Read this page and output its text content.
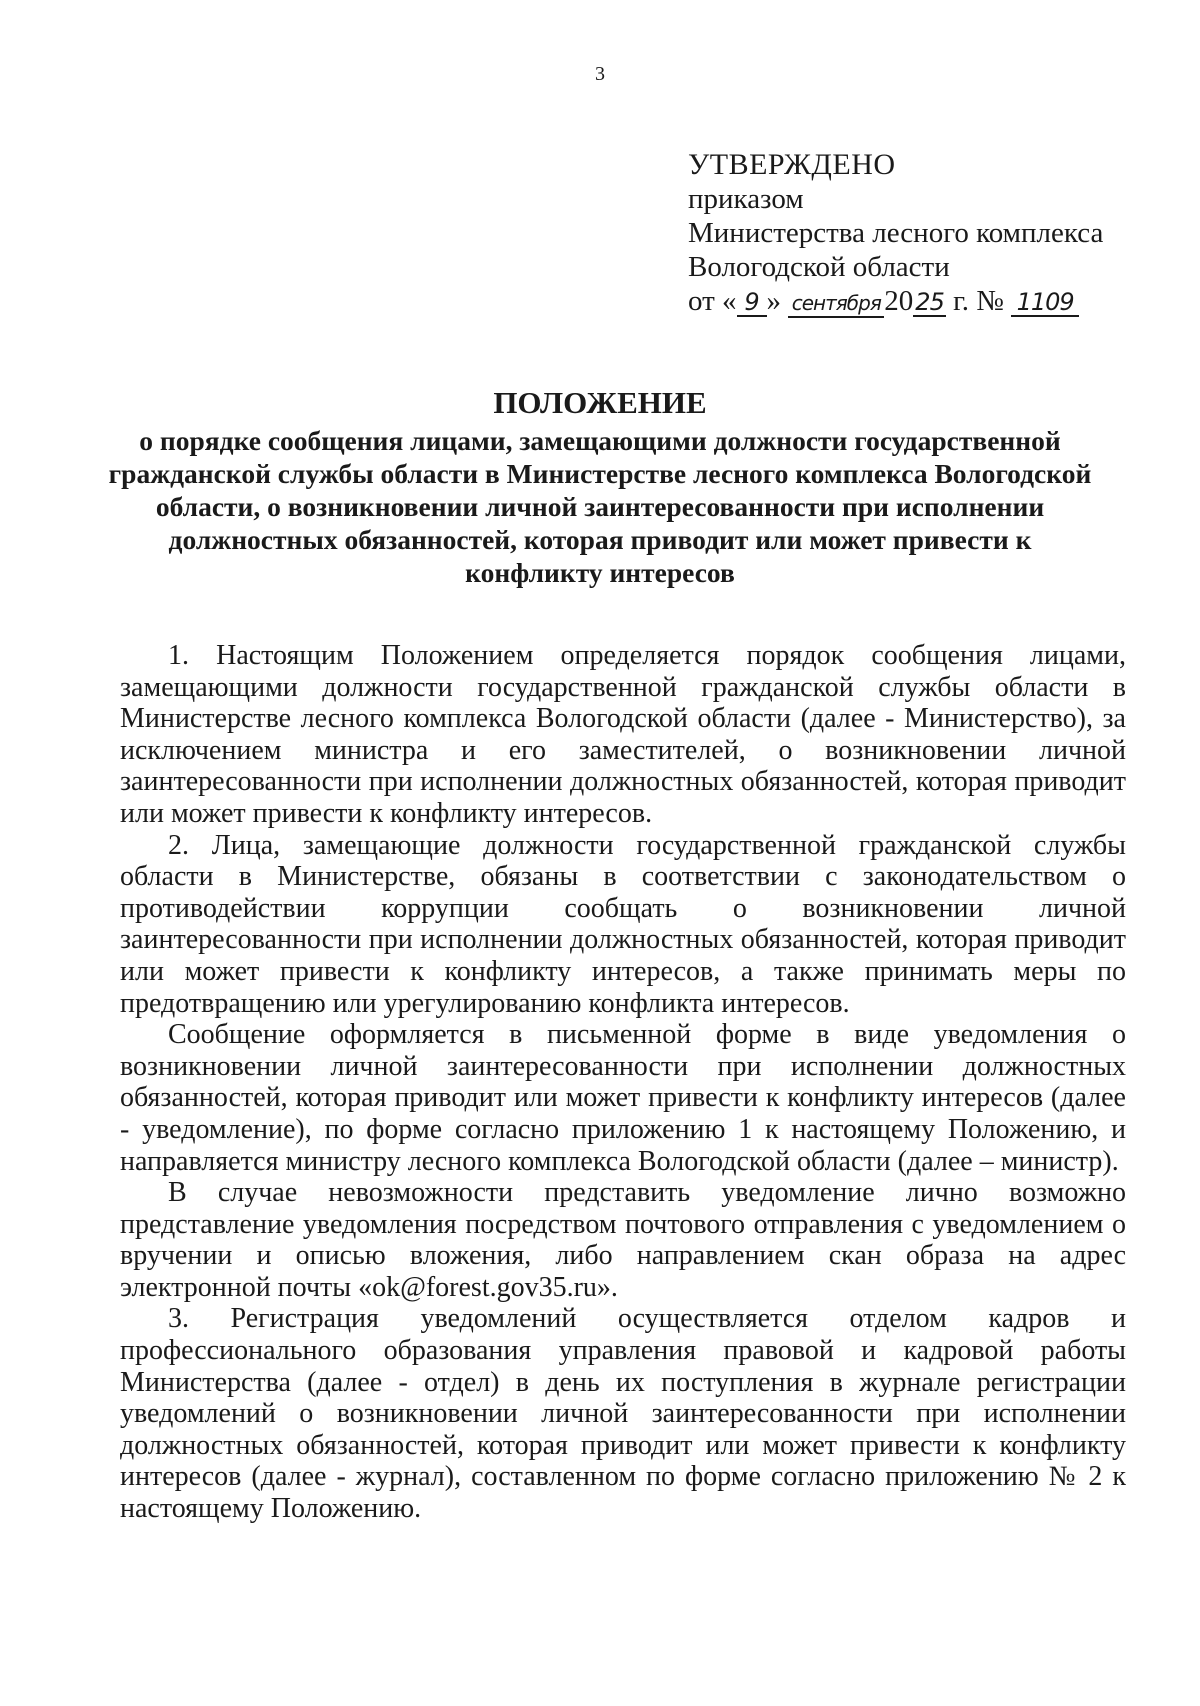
3
УТВЕРЖДЕНО
приказом
Министерства лесного комплекса
Вологодской области
от « 9 » сентября 2025 г. № 1109
ПОЛОЖЕНИЕ
о порядке сообщения лицами, замещающими должности государственной гражданской службы области в Министерстве лесного комплекса Вологодской области, о возникновении личной заинтересованности при исполнении должностных обязанностей, которая приводит или может привести к конфликту интересов

1. Настоящим Положением определяется порядок сообщения лицами, замещающими должности государственной гражданской службы области в Министерстве лесного комплекса Вологодской области (далее - Министерство), за исключением министра и его заместителей, о возникновении личной заинтересованности при исполнении должностных обязанностей, которая приводит или может привести к конфликту интересов.

2. Лица, замещающие должности государственной гражданской службы области в Министерстве, обязаны в соответствии с законодательством о противодействии коррупции сообщать о возникновении личной заинтересованности при исполнении должностных обязанностей, которая приводит или может привести к конфликту интересов, а также принимать меры по предотвращению или урегулированию конфликта интересов.

Сообщение оформляется в письменной форме в виде уведомления о возникновении личной заинтересованности при исполнении должностных обязанностей, которая приводит или может привести к конфликту интересов (далее - уведомление), по форме согласно приложению 1 к настоящему Положению, и направляется министру лесного комплекса Вологодской области (далее – министр).

В случае невозможности представить уведомление лично возможно представление уведомления посредством почтового отправления с уведомлением о вручении и описью вложения, либо направлением скан образа на адрес электронной почты «ok@forest.gov35.ru».

3. Регистрация уведомлений осуществляется отделом кадров и профессионального образования управления правовой и кадровой работы Министерства (далее - отдел) в день их поступления в журнале регистрации уведомлений о возникновении личной заинтересованности при исполнении должностных обязанностей, которая приводит или может привести к конфликту интересов (далее - журнал), составленном по форме согласно приложению № 2 к настоящему Положению.
